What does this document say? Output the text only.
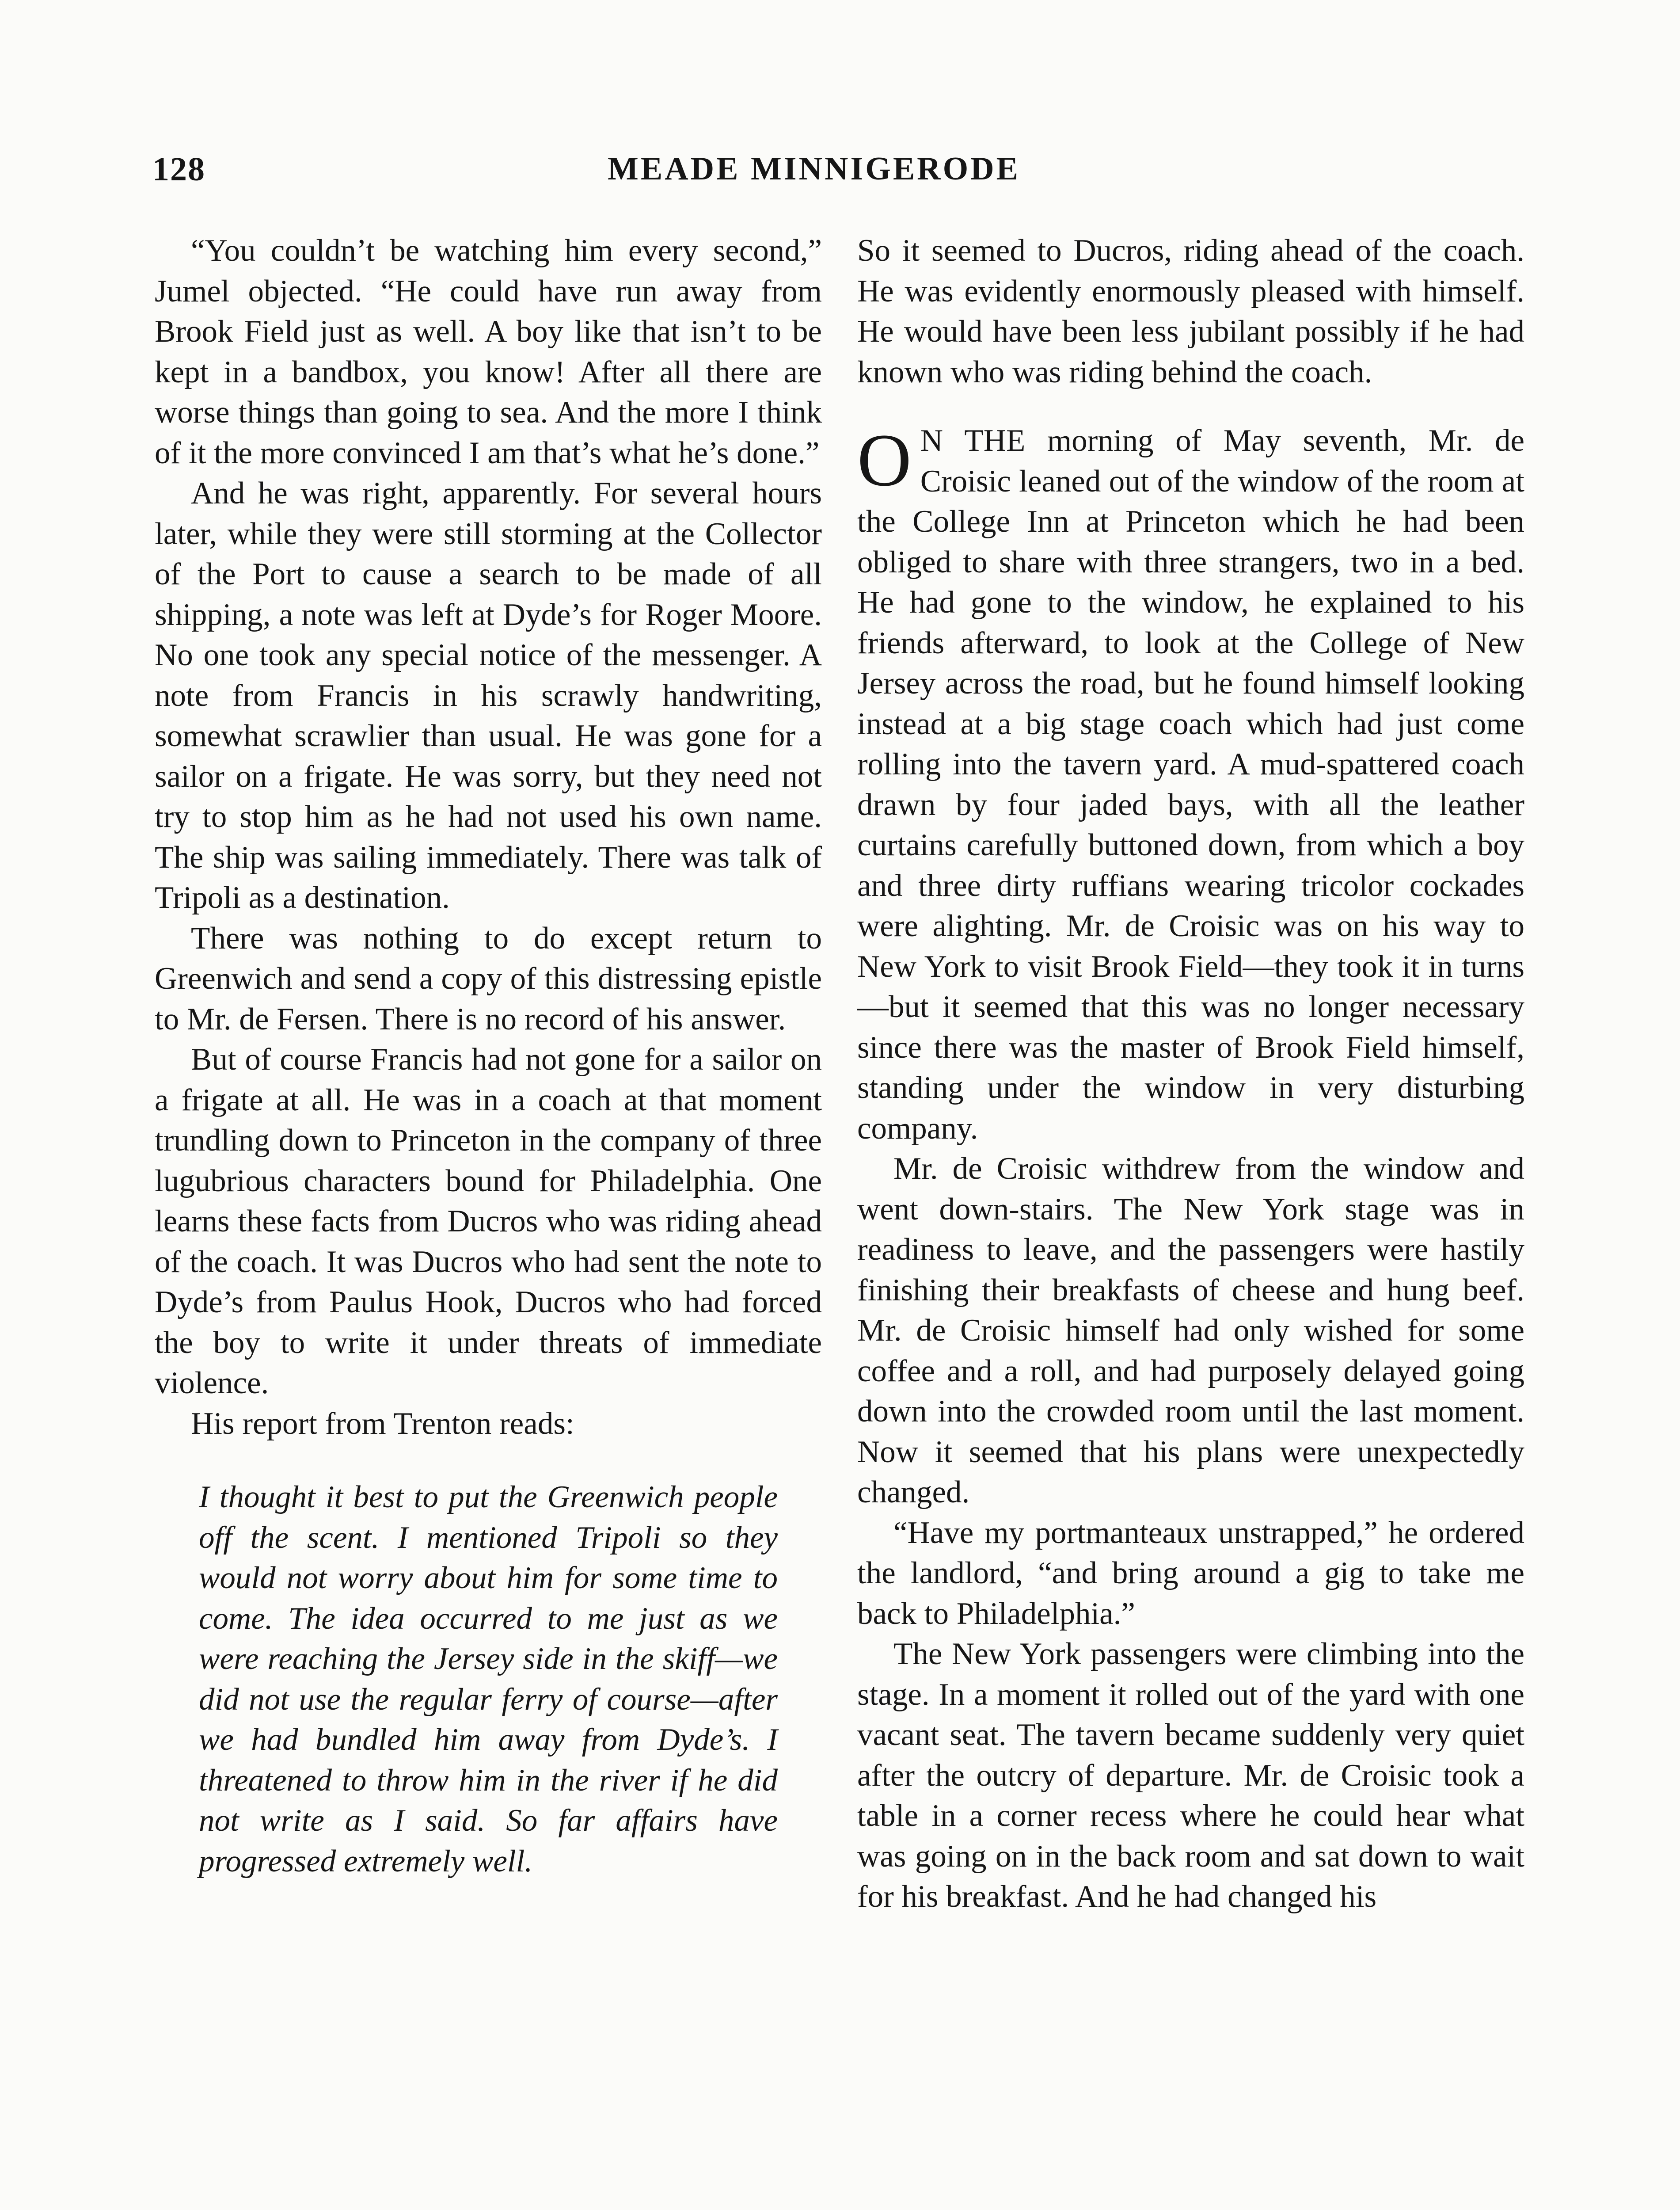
128	MEADE MINNIGERODE

“You couldn’t be watching him every second,” Jumel objected. “He could have run away from Brook Field just as well. A boy like that isn’t to be kept in a bandbox, you know! After all there are worse things than going to sea. And the more I think of it the more convinced I am that’s what he’s done.”

And he was right, apparently. For several hours later, while they were still storming at the Collector of the Port to cause a search to be made of all shipping, a note was left at Dyde’s for Roger Moore. No one took any special notice of the messenger. A note from Francis in his scrawly handwriting, somewhat scrawlier than usual. He was gone for a sailor on a frigate. He was sorry, but they need not try to stop him as he had not used his own name. The ship was sailing immediately. There was talk of Tripoli as a destination.

There was nothing to do except return to Greenwich and send a copy of this distressing epistle to Mr. de Fersen. There is no record of his answer.

But of course Francis had not gone for a sailor on a frigate at all. He was in a coach at that moment trundling down to Princeton in the company of three lugubrious characters bound for Philadelphia. One learns these facts from Ducros who was riding ahead of the coach. It was Ducros who had sent the note to Dyde’s from Paulus Hook, Ducros who had forced the boy to write it under threats of immediate violence.

His report from Trenton reads:

I thought it best to put the Greenwich people off the scent. I mentioned Tripoli so they would not worry about him for some time to come. The idea occurred to me just as we were reaching the Jersey side in the skiff—we did not use the regular ferry of course—after we had bundled him away from Dyde’s. I threatened to throw him in the river if he did not write as I said. So far affairs have progressed extremely well.

So it seemed to Ducros, riding ahead of the coach. He was evidently enormously pleased with himself. He would have been less jubilant possibly if he had known who was riding behind the coach.

O N THE morning of May seventh, Mr. de Croisic leaned out of the window of the room at the College Inn at Princeton which he had been obliged to share with three strangers, two in a bed. He had gone to the window, he explained to his friends afterward, to look at the College of New Jersey across the road, but he found himself looking instead at a big stage coach which had just come rolling into the tavern yard. A mud-spattered coach drawn by four jaded bays, with all the leather curtains carefully buttoned down, from which a boy and three dirty ruffians wearing tricolor cockades were alighting. Mr. de Croisic was on his way to New York to visit Brook Field—they took it in turns—but it seemed that this was no longer necessary since there was the master of Brook Field himself, standing under the window in very disturbing company.

Mr. de Croisic withdrew from the window and went down-stairs. The New York stage was in readiness to leave, and the passengers were hastily finishing their breakfasts of cheese and hung beef. Mr. de Croisic himself had only wished for some coffee and a roll, and had purposely delayed going down into the crowded room until the last moment. Now it seemed that his plans were unexpectedly changed.

“Have my portmanteaux unstrapped,” he ordered the landlord, “and bring around a gig to take me back to Philadelphia.”

The New York passengers were climbing into the stage. In a moment it rolled out of the yard with one vacant seat. The tavern became suddenly very quiet after the outcry of departure. Mr. de Croisic took a table in a corner recess where he could hear what was going on in the back room and sat down to wait for his breakfast. And he had changed his
